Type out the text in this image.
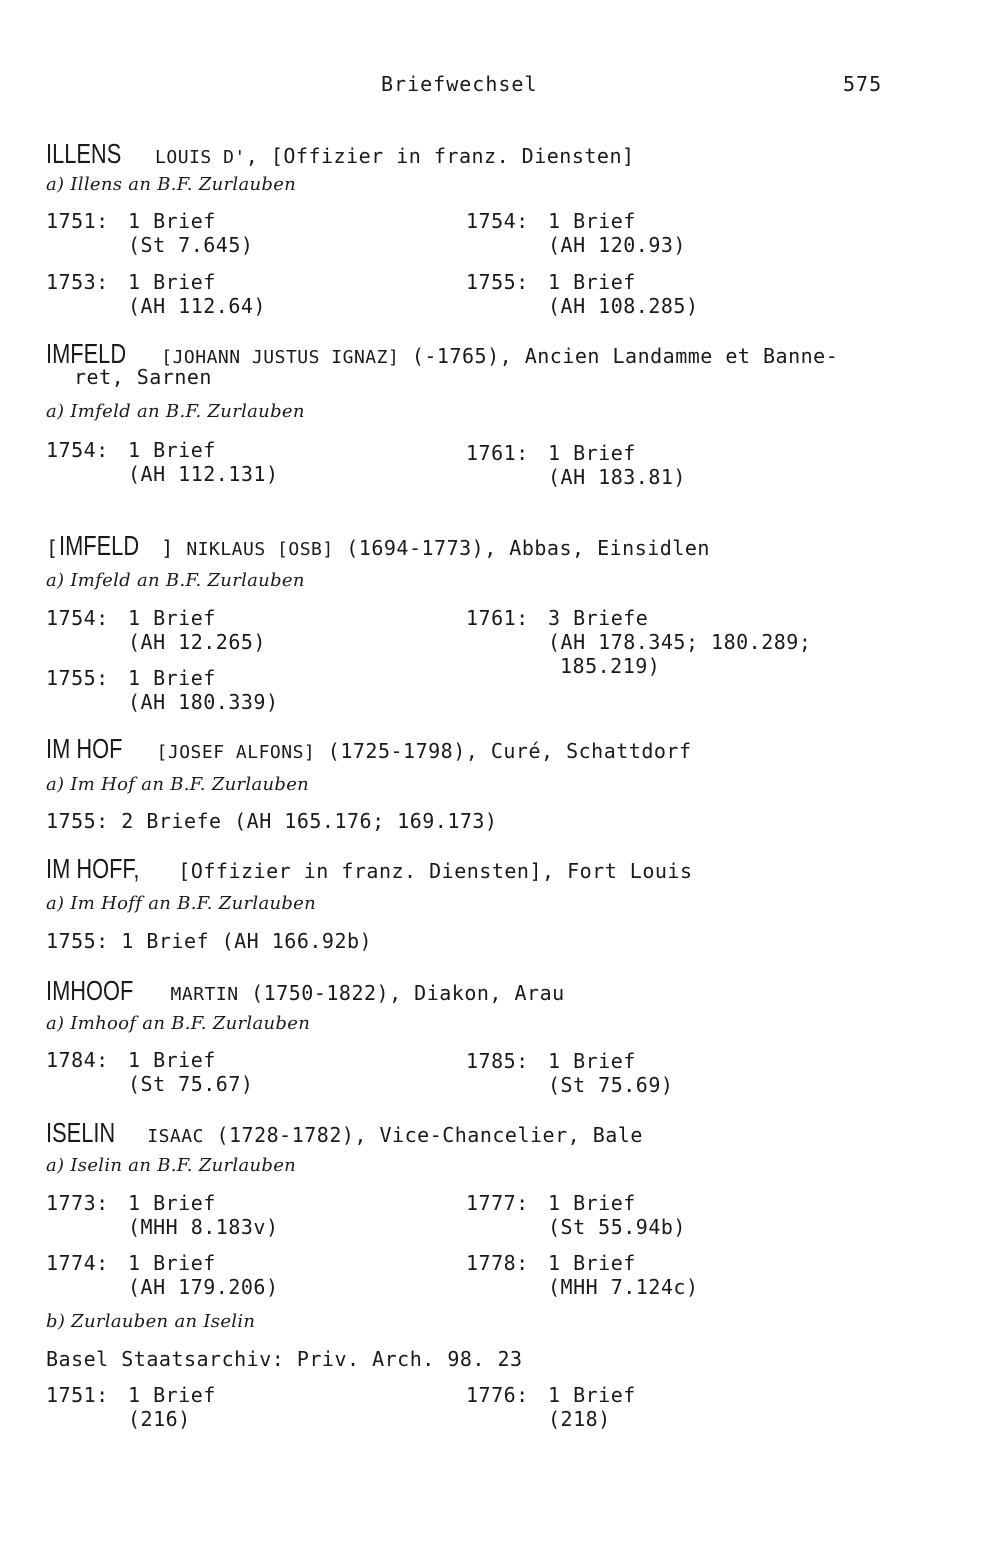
Briefwechsel	575
ILLENS LOUIS D', [Offizier in franz. Diensten]
a) Illens an B.F. Zurlauben
1751: 1 Brief
(St 7.645)
1753: 1 Brief
(AH 112.64)
1754: 1 Brief
(AH 120.93)
1755: 1 Brief
(AH 108.285)
IMFELD [JOHANN JUSTUS IGNAZ] (-1765), Ancien Landamme et Banne-
ret, Sarnen
a) Imfeld an B.F. Zurlauben
1754: 1 Brief
(AH 112.131)
1761: 1 Brief
(AH 183.81)
[IMFELD ] NIKLAUS [OSB] (1694-1773), Abbas, Einsidlen
a) Imfeld an B.F. Zurlauben
1754: 1 Brief
(AH 12.265)
1755: 1 Brief
(AH 180.339)
1761: 3 Briefe
(AH 178.345; 180.289;
185.219)
IM HOF [JOSEF ALFONS] (1725-1798), Curé, Schattdorf
a) Im Hof an B.F. Zurlauben
1755: 2 Briefe (AH 165.176; 169.173)
IM HOFF, [Offizier in franz. Diensten], Fort Louis
a) Im Hoff an B.F. Zurlauben
1755: 1 Brief (AH 166.92b)
IMHOOF MARTIN (1750-1822), Diakon, Arau
a) Imhoof an B.F. Zurlauben
1784: 1 Brief
(St 75.67)
1785: 1 Brief
(St 75.69)
ISELIN ISAAC (1728-1782), Vice-Chancelier, Bale
a) Iselin an B.F. Zurlauben
1773: 1 Brief
(MHH 8.183v)
1774: 1 Brief
(AH 179.206)
1777: 1 Brief
(St 55.94b)
1778: 1 Brief
(MHH 7.124c)
b) Zurlauben an Iselin
Basel Staatsarchiv: Priv. Arch. 98. 23
1751: 1 Brief
(216)
1776: 1 Brief
(218)
